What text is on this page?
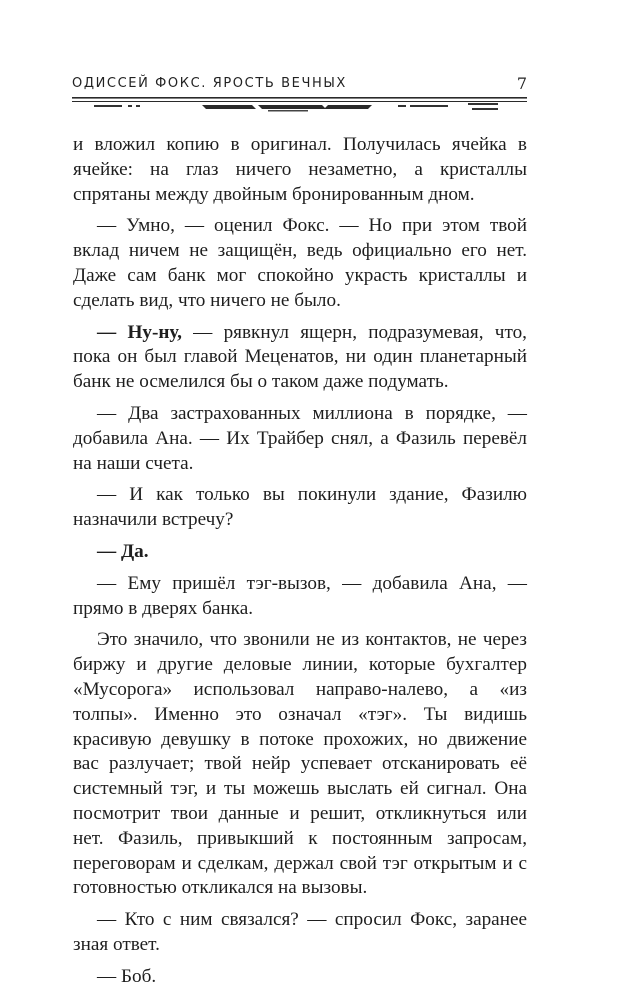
ОДИССЕЙ ФОКС. ЯРОСТЬ ВЕЧНЫХ	7

и вложил копию в оригинал. Получилась ячейка в ячейке: на глаз ничего незаметно, а кристаллы спрятаны между двойным бронированным дном.

— Умно, — оценил Фокс. — Но при этом твой вклад ничем не защищён, ведь официально его нет. Даже сам банк мог спокойно украсть кристаллы и сделать вид, что ничего не было.

— Ну-ну, — рявкнул ящерн, подразумевая, что, пока он был главой Меценатов, ни один планетарный банк не осмелился бы о таком даже подумать.

— Два застрахованных миллиона в порядке, — добавила Ана. — Их Трайбер снял, а Фазиль перевёл на наши счета.

— И как только вы покинули здание, Фазилю назначили встречу?

— Да.

— Ему пришёл тэг-вызов, — добавила Ана, — прямо в дверях банка.

Это значило, что звонили не из контактов, не через биржу и другие деловые линии, которые бухгалтер «Мусорога» использовал направо-налево, а «из толпы». Именно это означал «тэг». Ты видишь красивую девушку в потоке прохожих, но движение вас разлучает; твой нейр успевает отсканировать её системный тэг, и ты можешь выслать ей сигнал. Она посмотрит твои данные и решит, откликнуться или нет. Фазиль, привыкший к постоянным запросам, переговорам и сделкам, держал свой тэг открытым и с готовностью откликался на вызовы.

— Кто с ним связался? — спросил Фокс, заранее зная ответ.

— Боб.
